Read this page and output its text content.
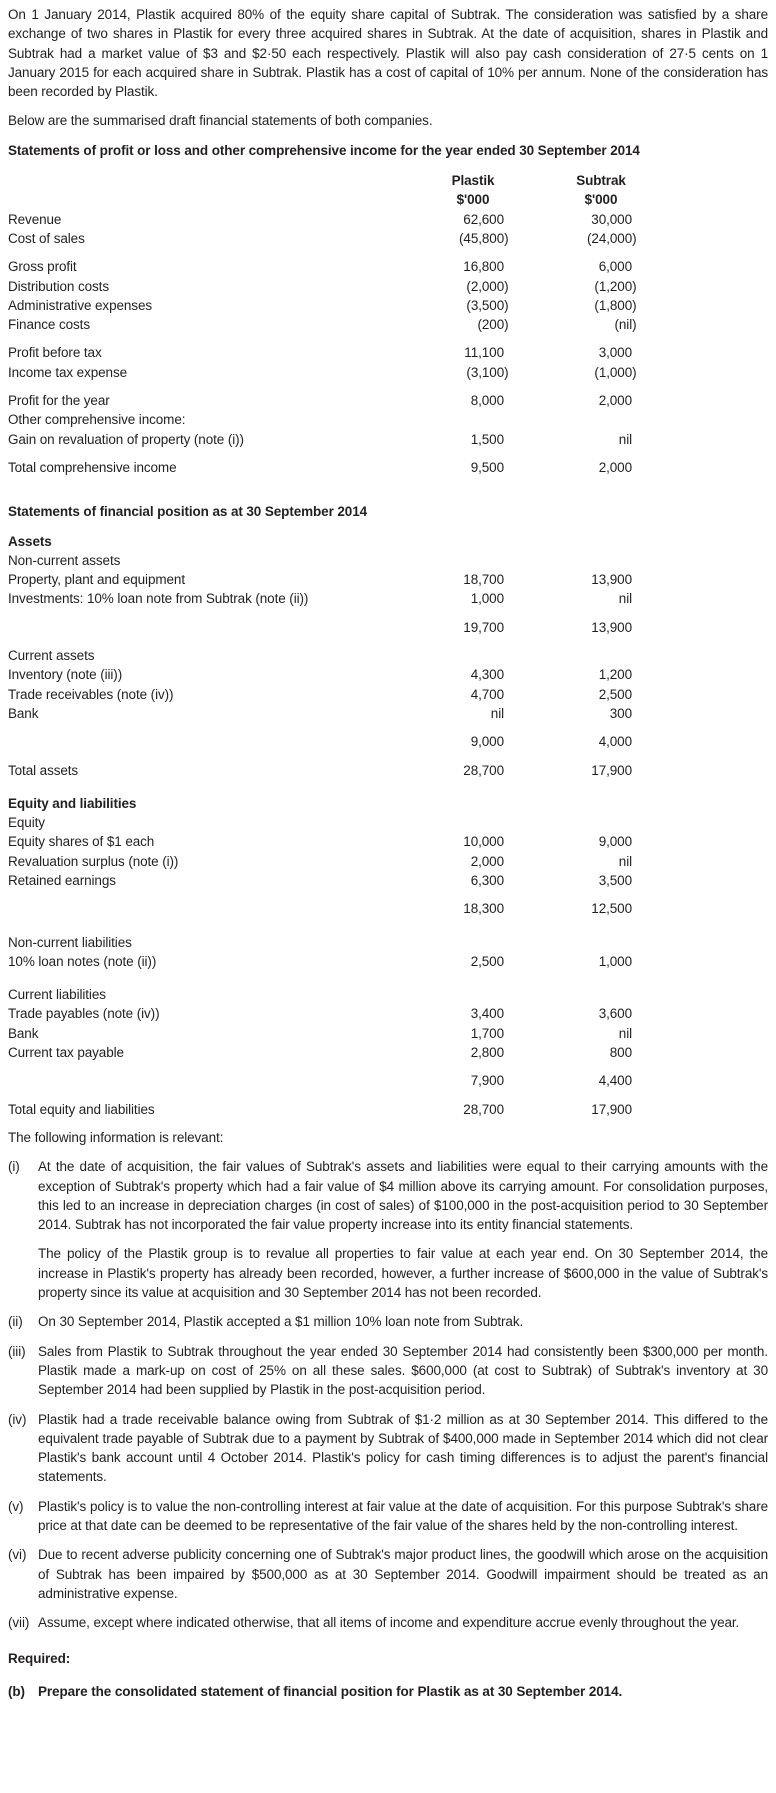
On 1 January 2014, Plastik acquired 80% of the equity share capital of Subtrak. The consideration was satisfied by a share exchange of two shares in Plastik for every three acquired shares in Subtrak. At the date of acquisition, shares in Plastik and Subtrak had a market value of $3 and $2·50 each respectively. Plastik will also pay cash consideration of 27·5 cents on 1 January 2015 for each acquired share in Subtrak. Plastik has a cost of capital of 10% per annum. None of the consideration has been recorded by Plastik.

Below are the summarised draft financial statements of both companies.

Statements of profit or loss and other comprehensive income for the year ended 30 September 2014
Plastik	Subtrak
$'000	$'000
Revenue	62,600	30,000
Cost of sales	(45,800)	(24,000)
Gross profit	16,800	6,000
Distribution costs	(2,000)	(1,200)
Administrative expenses	(3,500)	(1,800)
Finance costs	(200)	(nil)
Profit before tax	11,100	3,000
Income tax expense	(3,100)	(1,000)
Profit for the year	8,000	2,000
Other comprehensive income:
Gain on revaluation of property (note (i))	1,500	nil
Total comprehensive income	9,500	2,000
Statements of financial position as at 30 September 2014
Assets
Non-current assets
Property, plant and equipment	18,700	13,900
Investments: 10% loan note from Subtrak (note (ii))	1,000	nil
19,700	13,900
Current assets
Inventory (note (iii))	4,300	1,200
Trade receivables (note (iv))	4,700	2,500
Bank	nil	300
9,000	4,000
Total assets	28,700	17,900
Equity and liabilities
Equity
Equity shares of $1 each	10,000	9,000
Revaluation surplus (note (i))	2,000	nil
Retained earnings	6,300	3,500
18,300	12,500
Non-current liabilities
10% loan notes (note (ii))	2,500	1,000
Current liabilities
Trade payables (note (iv))	3,400	3,600
Bank	1,700	nil
Current tax payable	2,800	800
7,900	4,400
Total equity and liabilities	28,700	17,900

The following information is relevant:

(i)	At the date of acquisition, the fair values of Subtrak's assets and liabilities were equal to their carrying amounts with the exception of Subtrak's property which had a fair value of $4 million above its carrying amount. For consolidation purposes, this led to an increase in depreciation charges (in cost of sales) of $100,000 in the post-acquisition period to 30 September 2014. Subtrak has not incorporated the fair value property increase into its entity financial statements.
The policy of the Plastik group is to revalue all properties to fair value at each year end. On 30 September 2014, the increase in Plastik's property has already been recorded, however, a further increase of $600,000 in the value of Subtrak's property since its value at acquisition and 30 September 2014 has not been recorded.
(ii)	On 30 September 2014, Plastik accepted a $1 million 10% loan note from Subtrak.
(iii) Sales from Plastik to Subtrak throughout the year ended 30 September 2014 had consistently been $300,000 per month. Plastik made a mark-up on cost of 25% on all these sales. $600,000 (at cost to Subtrak) of Subtrak's inventory at 30 September 2014 had been supplied by Plastik in the post-acquisition period.
(iv) Plastik had a trade receivable balance owing from Subtrak of $1·2 million as at 30 September 2014. This differed to the equivalent trade payable of Subtrak due to a payment by Subtrak of $400,000 made in September 2014 which did not clear Plastik's bank account until 4 October 2014. Plastik's policy for cash timing differences is to adjust the parent's financial statements.
(v)	Plastik's policy is to value the non-controlling interest at fair value at the date of acquisition. For this purpose Subtrak's share price at that date can be deemed to be representative of the fair value of the shares held by the non-controlling interest.
(vi) Due to recent adverse publicity concerning one of Subtrak's major product lines, the goodwill which arose on the acquisition of Subtrak has been impaired by $500,000 as at 30 September 2014. Goodwill impairment should be treated as an administrative expense.
(vii) Assume, except where indicated otherwise, that all items of income and expenditure accrue evenly throughout the year.
Required:
(b) Prepare the consolidated statement of financial position for Plastik as at 30 September 2014.
